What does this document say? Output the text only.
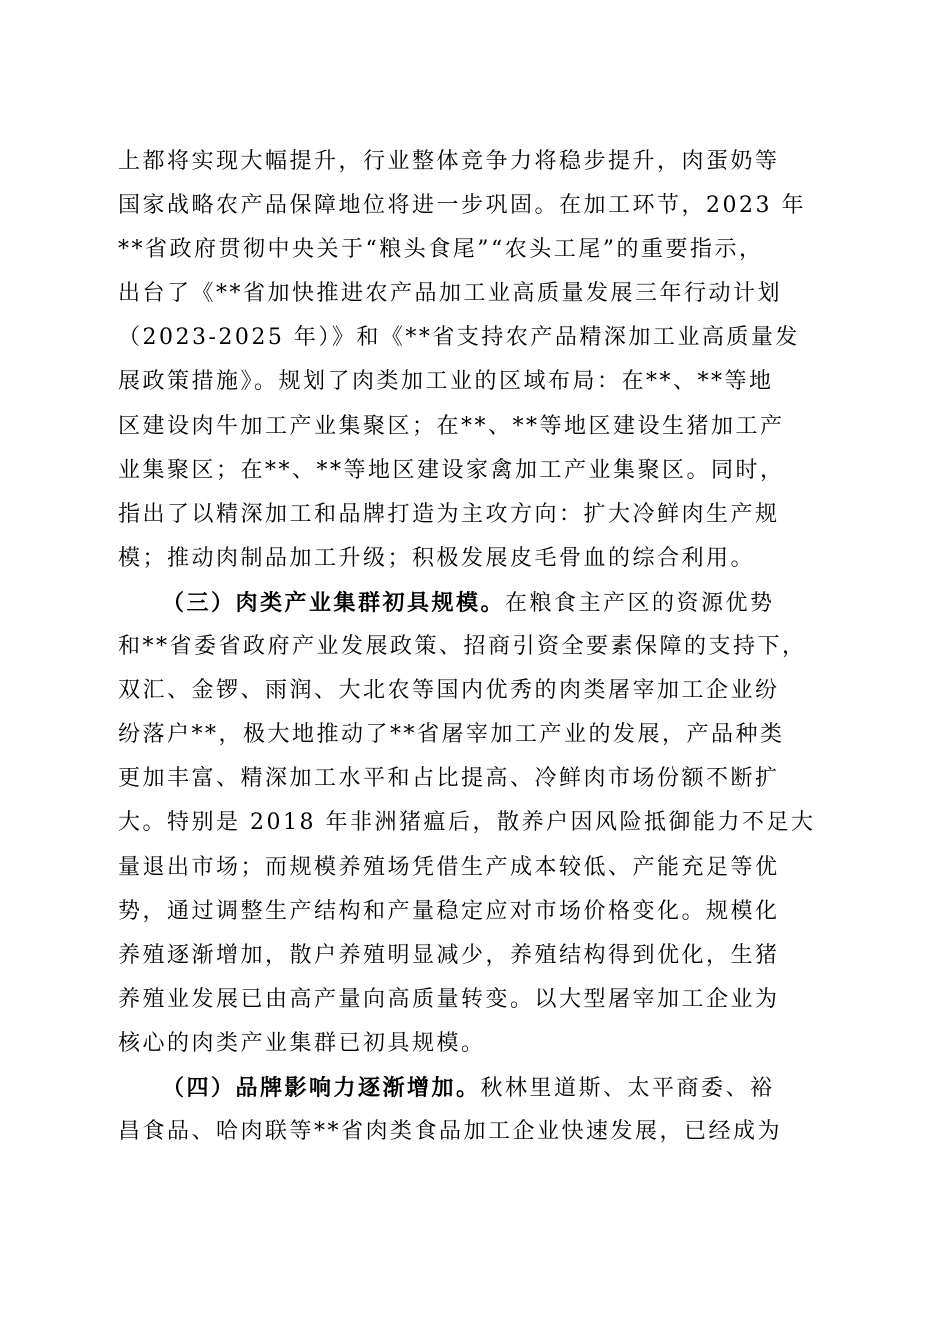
上都将实现大幅提升，行业整体竞争力将稳步提升，肉蛋奶等
国家战略农产品保障地位将进一步巩固。在加工环节，2023 年
**省政府贯彻中央关于“粮头食尾”“农头工尾”的重要指示，
出台了《**省加快推进农产品加工业高质量发展三年行动计划
（2023-2025 年）》和《**省支持农产品精深加工业高质量发
展政策措施》。规划了肉类加工业的区域布局：在**、**等地
区建设肉牛加工产业集聚区；在**、**等地区建设生猪加工产
业集聚区；在**、**等地区建设家禽加工产业集聚区。同时，
指出了以精深加工和品牌打造为主攻方向：扩大冷鲜肉生产规
模；推动肉制品加工升级；积极发展皮毛骨血的综合利用。
（三）肉类产业集群初具规模。在粮食主产区的资源优势
和**省委省政府产业发展政策、招商引资全要素保障的支持下，
双汇、金锣、雨润、大北农等国内优秀的肉类屠宰加工企业纷
纷落户**，极大地推动了**省屠宰加工产业的发展，产品种类
更加丰富、精深加工水平和占比提高、冷鲜肉市场份额不断扩
大。特别是 2018 年非洲猪瘟后，散养户因风险抵御能力不足大
量退出市场；而规模养殖场凭借生产成本较低、产能充足等优
势，通过调整生产结构和产量稳定应对市场价格变化。规模化
养殖逐渐增加，散户养殖明显减少，养殖结构得到优化，生猪
养殖业发展已由高产量向高质量转变。以大型屠宰加工企业为
核心的肉类产业集群已初具规模。
（四）品牌影响力逐渐增加。秋林里道斯、太平商委、裕
昌食品、哈肉联等**省肉类食品加工企业快速发展，已经成为
